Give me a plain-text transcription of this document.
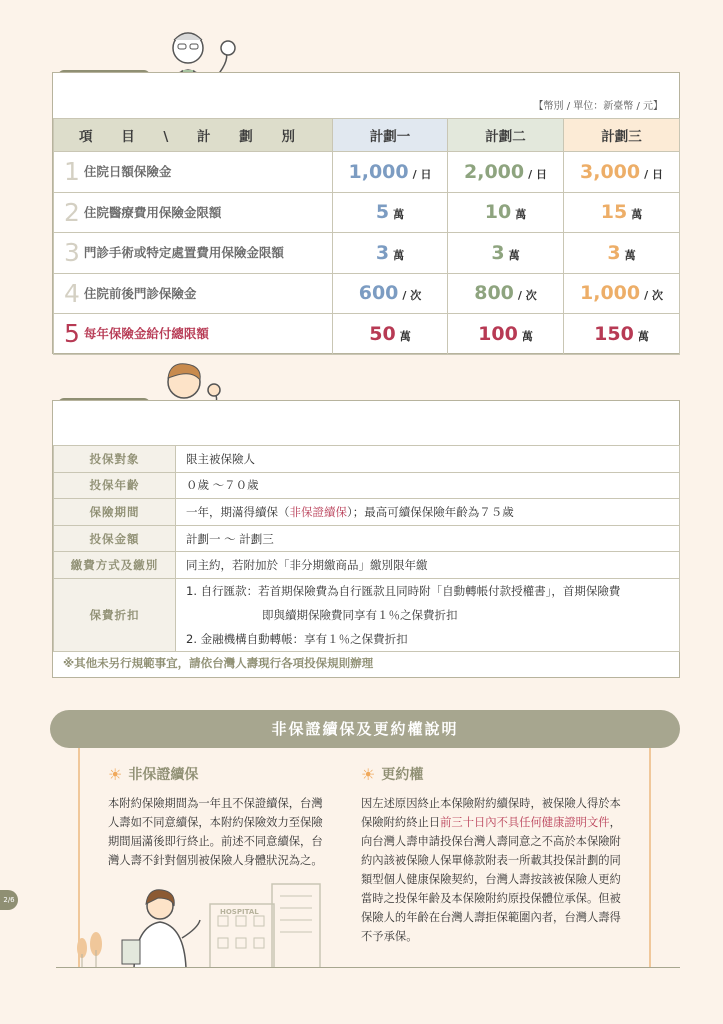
【幣別 / 單位：新臺幣 / 元】
項 目 \ 計 劃 別	計劃一	計劃二	計劃三
1 住院日額保險金	1,000 / 日	2,000 / 日	3,000 / 日
2 住院醫療費用保險金限額	5 萬	10 萬	15 萬
3 門診手術或特定處置費用保險金限額	3 萬	3 萬	3 萬
4 住院前後門診保險金	600 / 次	800 / 次	1,000 / 次
5 每年保險金給付總限額	50 萬	100 萬	150 萬
投保對象	限主被保險人
投保年齡	０歲 ～７０歲
保險期間	一年，期滿得續保（非保證續保）；最高可續保保險年齡為７５歲
投保金額	計劃一 ～ 計劃三
繳費方式及繳別	同主約，若附加於「非分期繳商品」繳別限年繳
保費折扣	1. 自行匯款：若首期保險費為自行匯款且同時附「自動轉帳付款授權書」，首期保險費
即與續期保險費同享有１％之保費折扣
2. 金融機構自動轉帳：享有１％之保費折扣
※其他未另行規範事宜，請依台灣人壽現行各項投保規則辦理
☀ 非保證續保
本附約保險期間為一年且不保證續保，台灣人壽如不同意續保，本附約保險效力至保險期間屆滿後即行終止。前述不同意續保，台灣人壽不針對個別被保險人身體狀況為之。
☀ 更約權
因左述原因終止本保險附約續保時，被保險人得於本保險附約終止日前三十日內不具任何健康證明文件，向台灣人壽申請投保台灣人壽同意之不高於本保險附約內該被保險人保單條款附表一所載其投保計劃的同類型個人健康保險契約，台灣人壽按該被保險人更約當時之投保年齡及本保險附約原投保體位承保。但被保險人的年齡在台灣人壽拒保範圍內者，台灣人壽得不予承保。
非保證續保及更約權說明
HOSPITAL
2/6
